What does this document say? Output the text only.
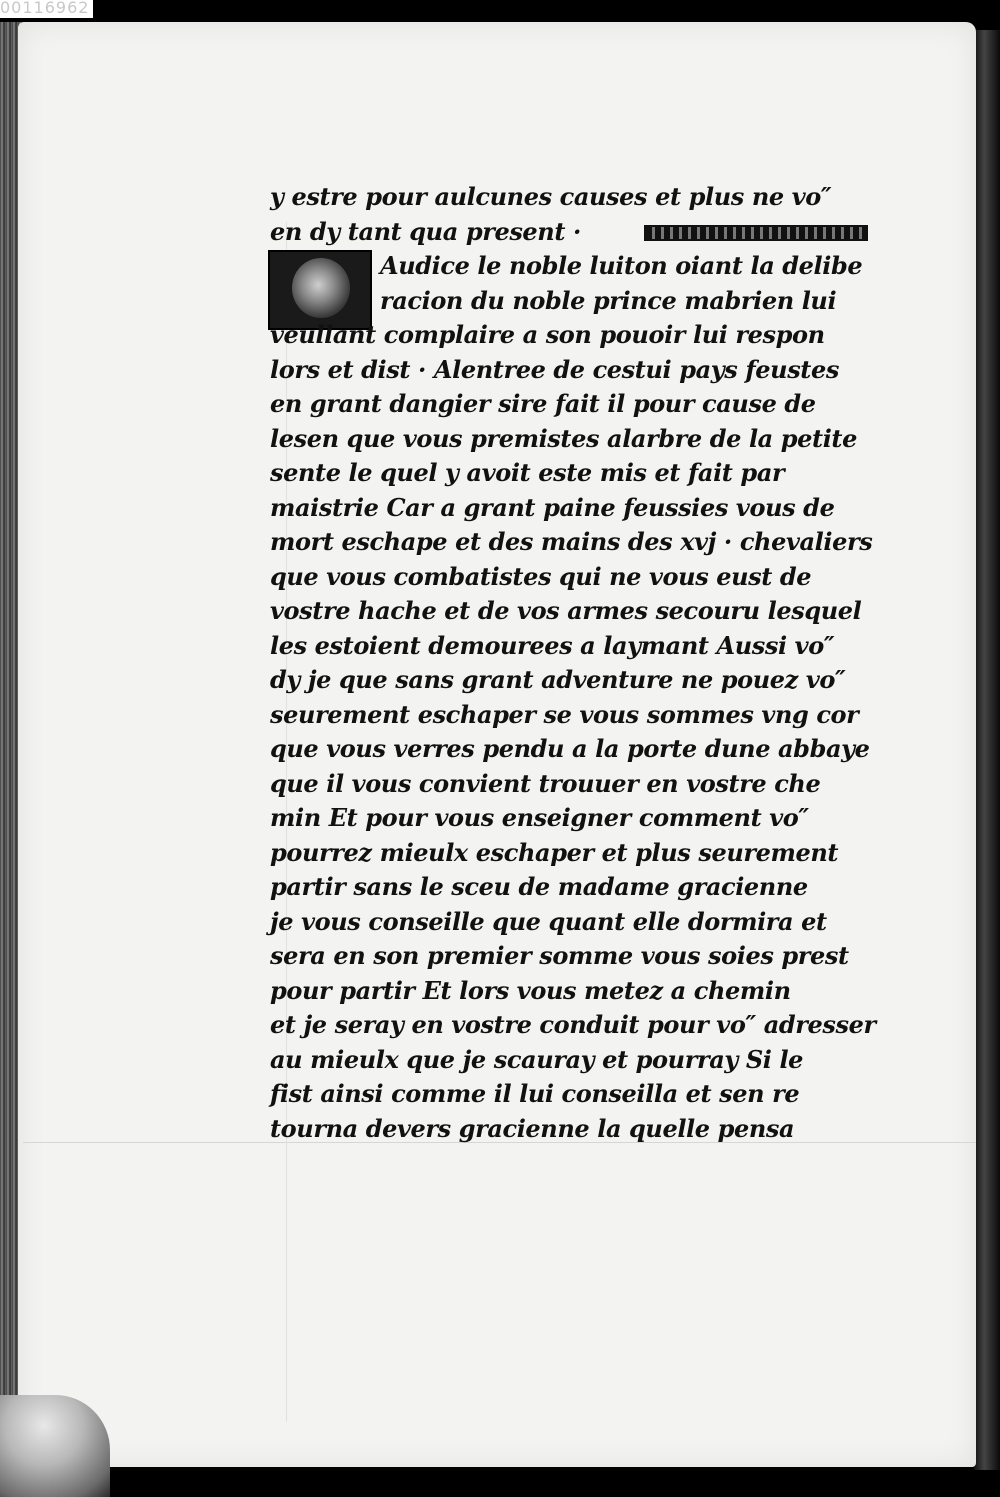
00116962
y estre pour aulcunes causes et plus ne vo″
en dy tant qua present ·
Audice le noble luiton oiant la delibe
racion du noble prince mabrien lui
veullant complaire a son pouoir lui respon
lors et dist · Alentree de cestui pays feustes
en grant dangier sire fait il pour cause de
lesen que vous premistes alarbre de la petite
sente le quel y avoit este mis et fait par
maistrie Car a grant paine feussies vous de
mort eschape et des mains des xvj · chevaliers
que vous combatistes qui ne vous eust de
vostre hache et de vos armes secouru lesquel
les estoient demourees a laymant Aussi vo″
dy je que sans grant adventure ne pouez vo″
seurement eschaper se vous sommes vng cor
que vous verres pendu a la porte dune abbaye
que il vous convient trouuer en vostre che
min Et pour vous enseigner comment vo″
pourrez mieulx eschaper et plus seurement
partir sans le sceu de madame gracienne
je vous conseille que quant elle dormira et
sera en son premier somme vous soies prest
pour partir Et lors vous metez a chemin
et je seray en vostre conduit pour vo″ adresser
au mieulx que je scauray et pourray Si le
fist ainsi comme il lui conseilla et sen re
tourna devers gracienne la quelle pensa
